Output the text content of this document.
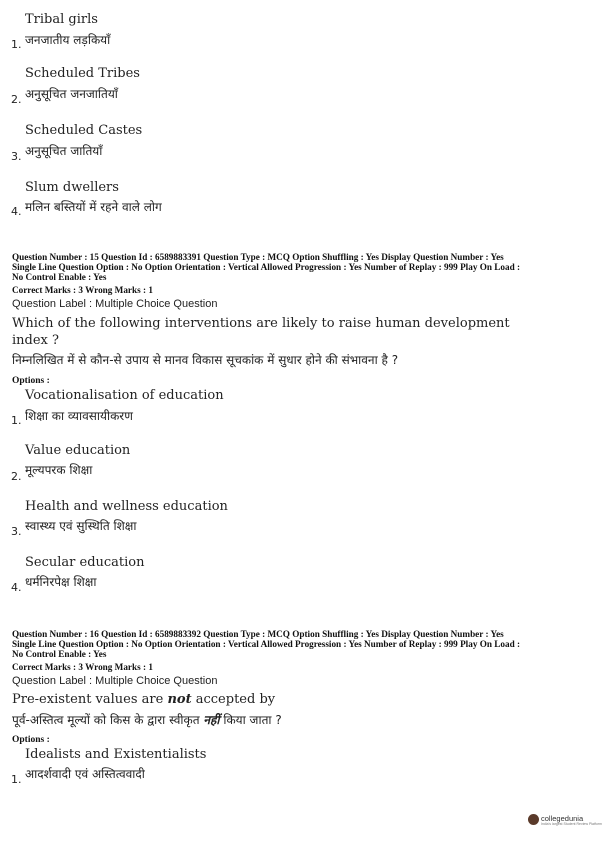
Tribal girls
1. जनजातीय लड़कियाँ
Scheduled Tribes
2. अनुसूचित जनजातियाँ
Scheduled Castes
3. अनुसूचित जातियाँ
Slum dwellers
4. मलिन बस्तियों में रहने वाले लोग
Question Number : 15 Question Id : 6589883391 Question Type : MCQ Option Shuffling : Yes Display Question Number : Yes
Single Line Question Option : No Option Orientation : Vertical Allowed Progression : Yes Number of Replay : 999 Play On Load :
No Control Enable : Yes
Correct Marks : 3 Wrong Marks : 1
Question Label : Multiple Choice Question
Which of the following interventions are likely to raise human development
index ?
निम्नलिखित में से कौन-से उपाय से मानव विकास सूचकांक में सुधार होने की संभावना है ?
Options :
Vocationalisation of education
1. शिक्षा का व्यावसायीकरण
Value education
2. मूल्यपरक शिक्षा
Health and wellness education
3. स्वास्थ्य एवं सुस्थिति शिक्षा
Secular education
4. धर्मनिरपेक्ष शिक्षा
Question Number : 16 Question Id : 6589883392 Question Type : MCQ Option Shuffling : Yes Display Question Number : Yes
Single Line Question Option : No Option Orientation : Vertical Allowed Progression : Yes Number of Replay : 999 Play On Load :
No Control Enable : Yes
Correct Marks : 3 Wrong Marks : 1
Question Label : Multiple Choice Question
Pre-existent values are not accepted by
पूर्व-अस्तित्व मूल्यों को किस के द्वारा स्वीकृत नहीं किया जाता ?
Options :
Idealists and Existentialists
1. आदर्शवादी एवं अस्तित्ववादी
collegedunia
India's largest Student Review Platform
